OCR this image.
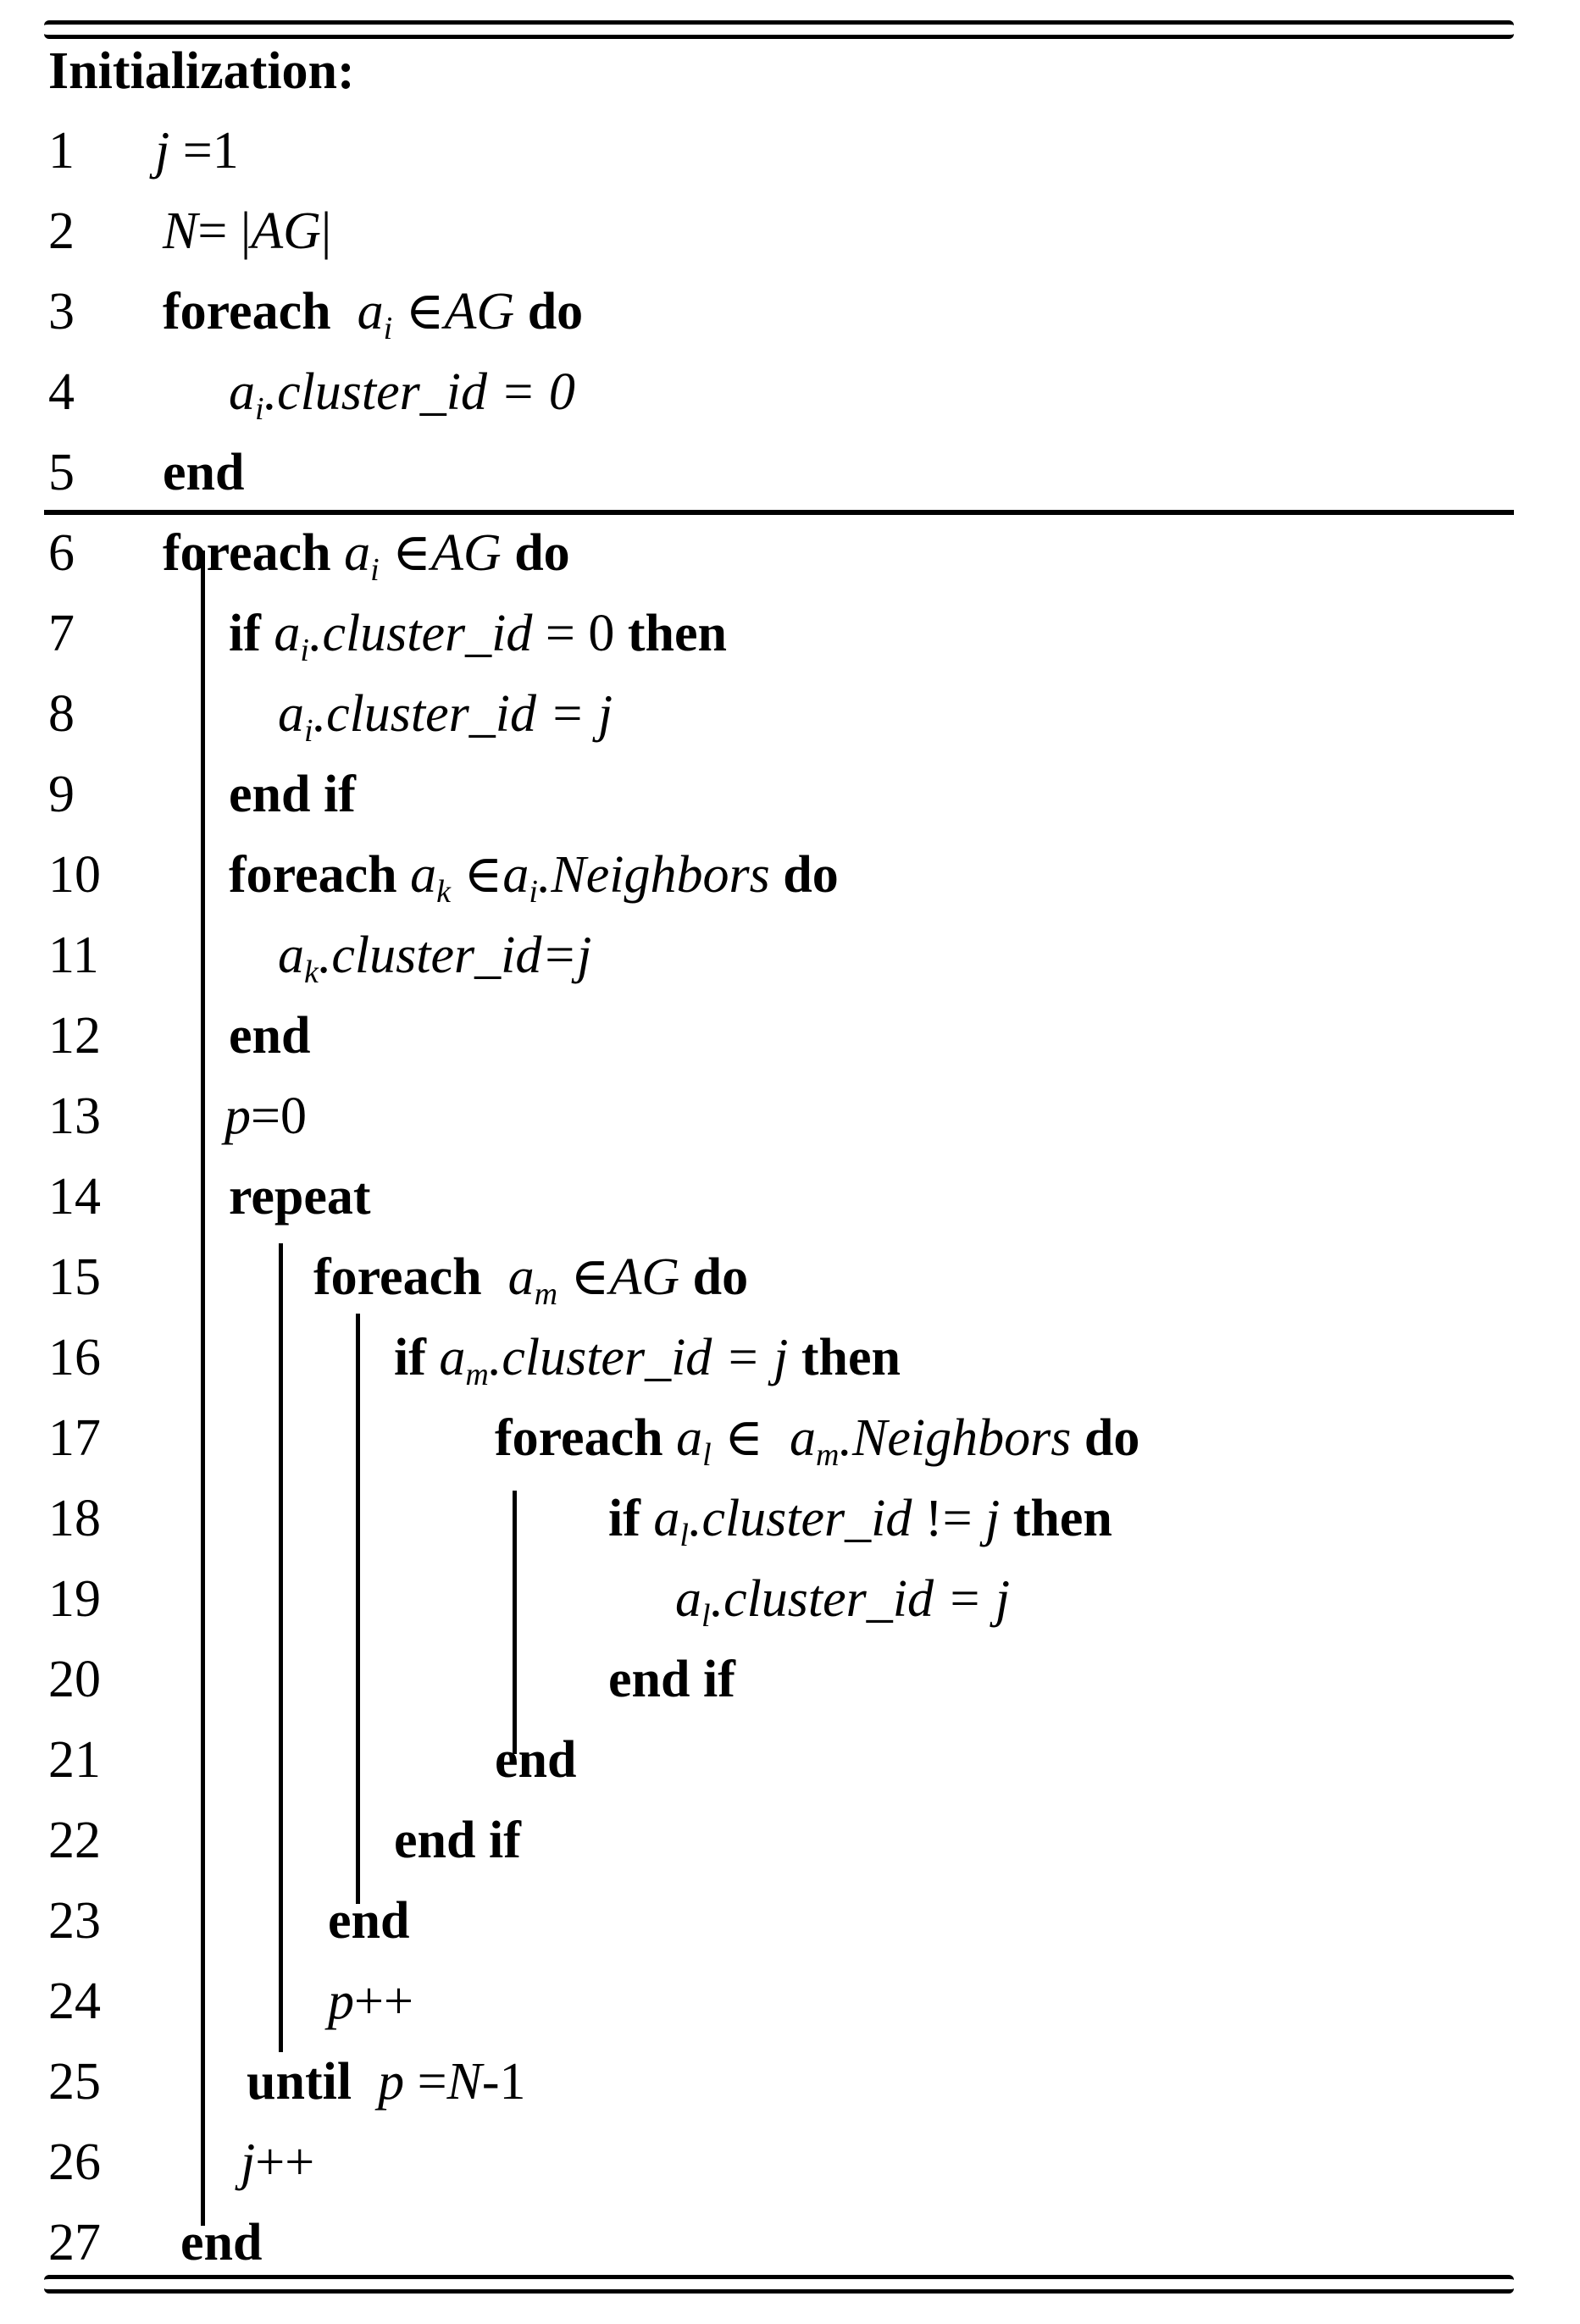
Initialization:
1 j =1
2 N= |AG|
3 foreach  $a_i$ ∈AG do
4	$a_i.cluster\_id = 0$
5 end
6 foreach $a_i$ ∈AG do
7	if $a_i.cluster\_id = 0$ then
8	$a_i.cluster\_id = j$
9	end if
10 foreach $a_k$ $\in a_i.Neighbors$ do
11	$a_k.cluster\_id=j$
12 end
13 p=0
14 repeat
15	foreach  $a_m$ ∈AG do
16	if $a_m.cluster\_id = j$ then
17	foreach $a_l$ ∈  $a_m.Neighbors$ do
18	if $a_l.cluster\_id$ != j then
19	$a_l.cluster\_id = j$
20	end if
21	end
22	end if
23	end
24	p++
25	until  p =N-1
26	j++
27 end
